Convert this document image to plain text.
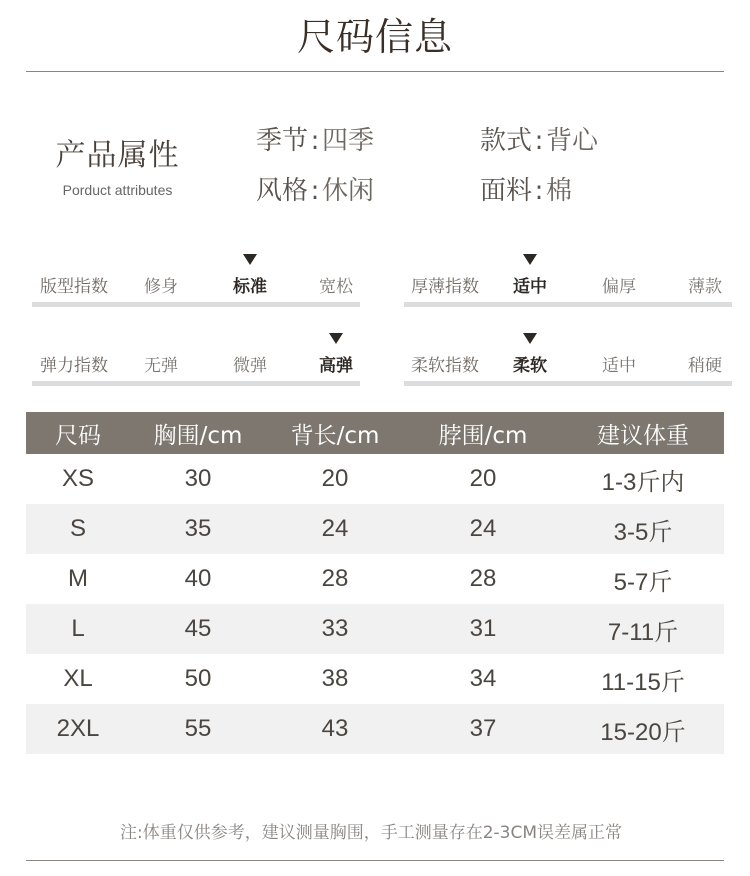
尺码信息
产品属性
Porduct attributes
季节 : 四季	款式 : 背心
风格 : 休闲	面料 : 棉
版型指数 修身	标准	宽松	厚薄指数 适中	偏厚	薄款
弹力指数 无弹	微弹	高弹	柔软指数 柔软	适中	稍硬
尺码	胸围/cm	背长/cm	脖围/cm	建议体重
XS	30	20	20	1-3斤内
S	35	24	24	3-5斤
M	40	28	28	5-7斤
L	45	33	31	7-11斤
XL	50	38	34	11-15斤
2XL	55	43	37	15-20斤
注:体重仅供参考，建议测量胸围，手工测量存在2-3CM误差属正常
